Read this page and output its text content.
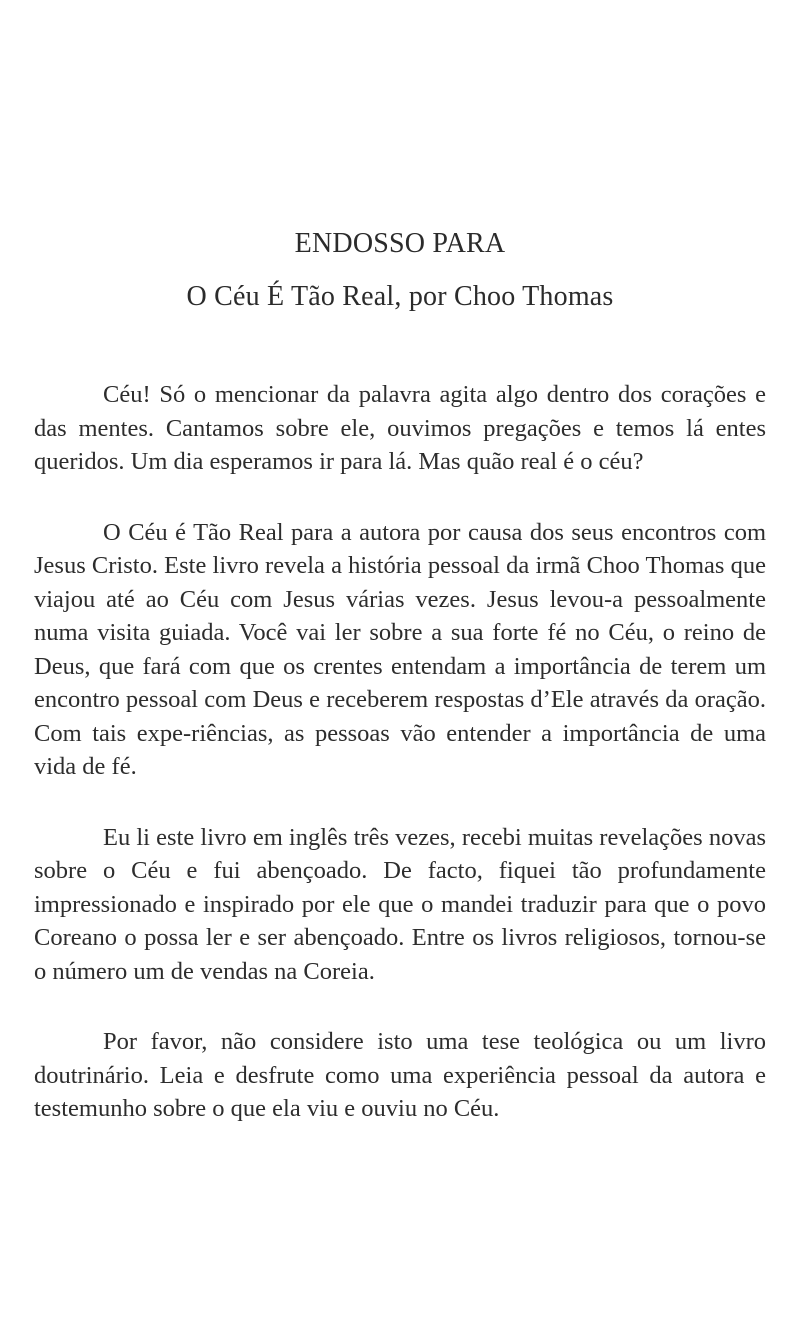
ENDOSSO PARA
O Céu É Tão Real, por Choo Thomas

Céu! Só o mencionar da palavra agita algo dentro dos corações e das mentes. Cantamos sobre ele, ouvimos pregações e temos lá entes queridos. Um dia esperamos ir para lá. Mas quão real é o céu?

O Céu é Tão Real para a autora por causa dos seus encontros com Jesus Cristo. Este livro revela a história pessoal da irmã Choo Thomas que viajou até ao Céu com Jesus várias vezes. Jesus levou-a pessoalmente numa visita guiada. Você vai ler sobre a sua forte fé no Céu, o reino de Deus, que fará com que os crentes entendam a importância de terem um encontro pessoal com Deus e receberem respostas d’Ele através da oração. Com tais expe-riências, as pessoas vão entender a importância de uma vida de fé.

Eu li este livro em inglês três vezes, recebi muitas revelações novas sobre o Céu e fui abençoado. De facto, fiquei tão profundamente impressionado e inspirado por ele que o mandei traduzir para que o povo Coreano o possa ler e ser abençoado. Entre os livros religiosos, tornou-se o número um de vendas na Coreia.

Por favor, não considere isto uma tese teológica ou um livro doutrinário. Leia e desfrute como uma experiência pessoal da autora e testemunho sobre o que ela viu e ouviu no Céu.
